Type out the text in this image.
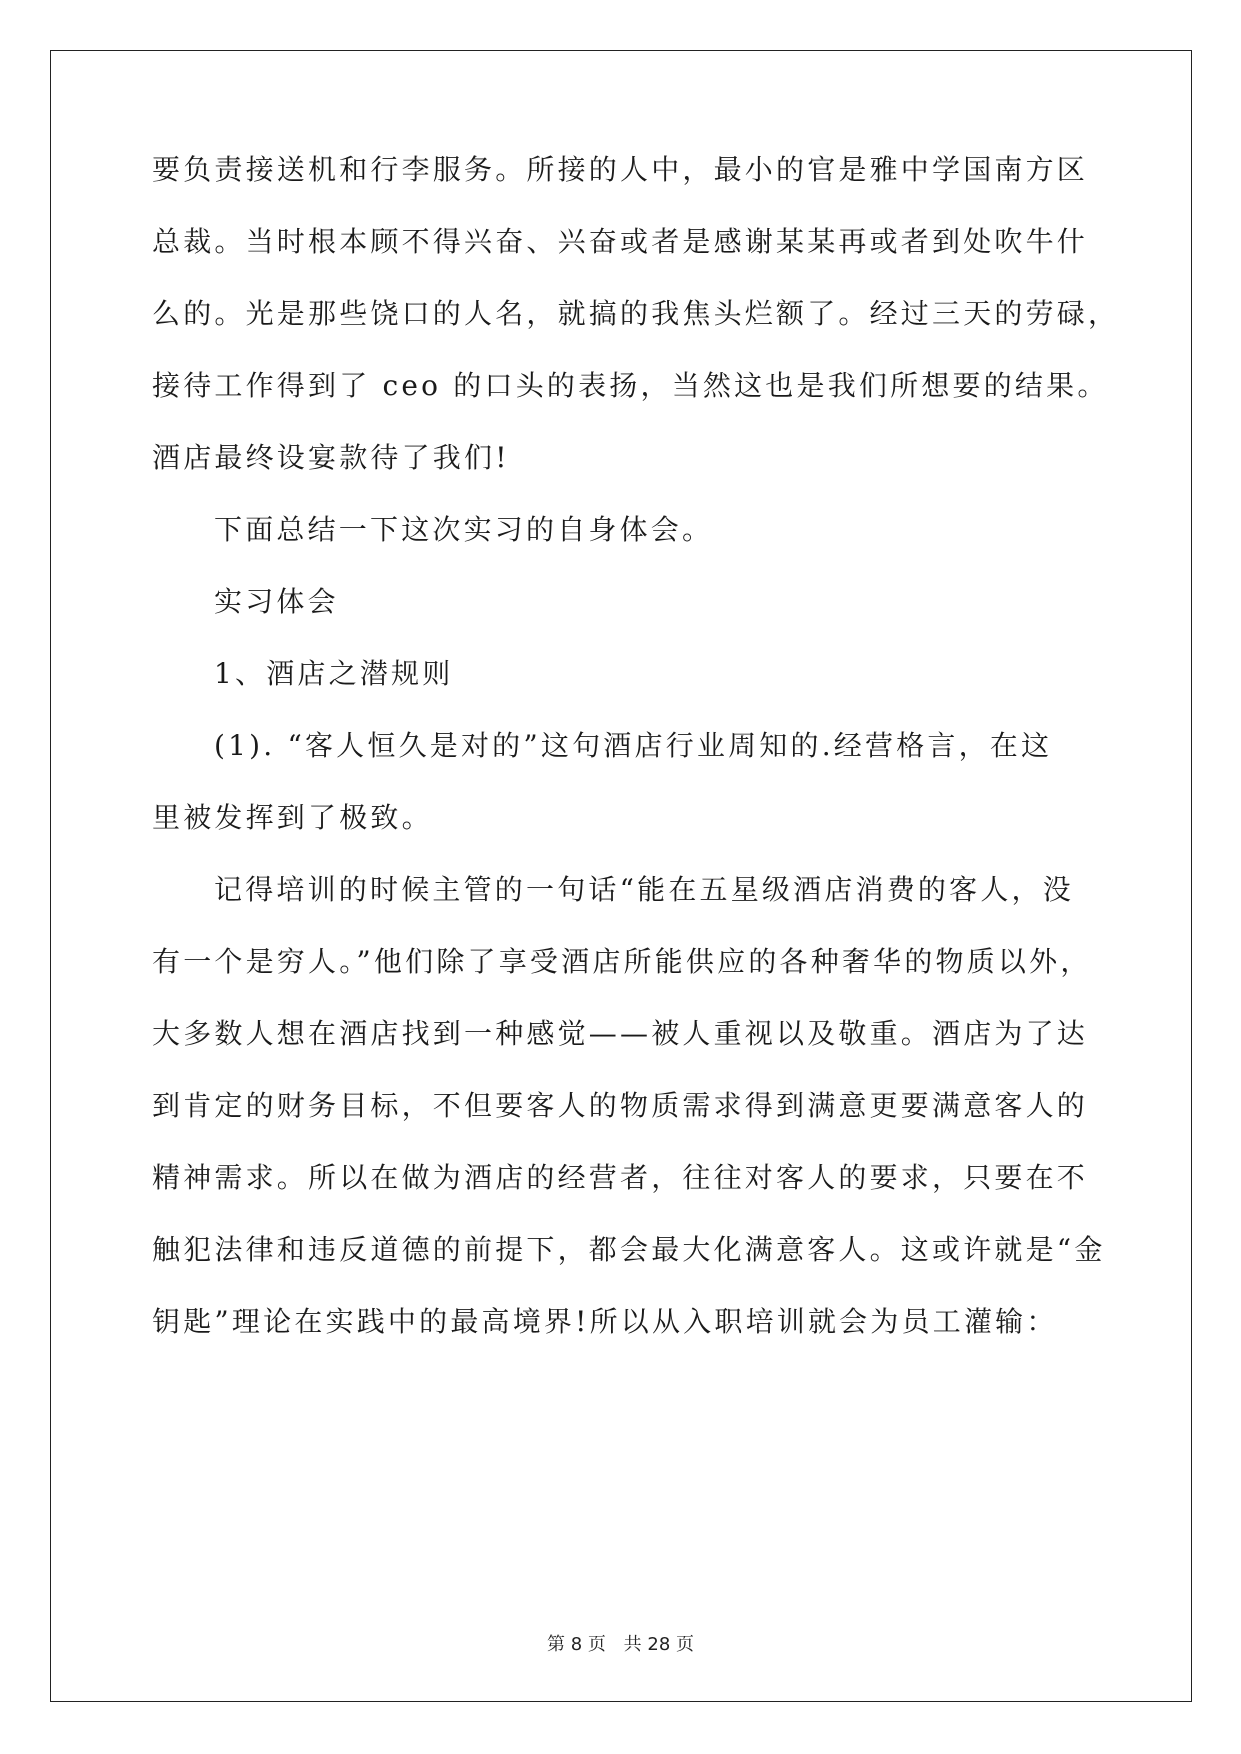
要负责接送机和行李服务。所接的人中，最小的官是雅中学国南方区
总裁。当时根本顾不得兴奋、兴奋或者是感谢某某再或者到处吹牛什
么的。光是那些饶口的人名，就搞的我焦头烂额了。经过三天的劳碌，
接待工作得到了 ceo 的口头的表扬，当然这也是我们所想要的结果。
酒店最终设宴款待了我们!
下面总结一下这次实习的自身体会。
实习体会
1、酒店之潜规则
(1). “客人恒久是对的”这句酒店行业周知的.经营格言，在这
里被发挥到了极致。
记得培训的时候主管的一句话“能在五星级酒店消费的客人，没
有一个是穷人。”他们除了享受酒店所能供应的各种奢华的物质以外，
大多数人想在酒店找到一种感觉——被人重视以及敬重。酒店为了达
到肯定的财务目标，不但要客人的物质需求得到满意更要满意客人的
精神需求。所以在做为酒店的经营者，往往对客人的要求，只要在不
触犯法律和违反道德的前提下，都会最大化满意客人。这或许就是“金
钥匙”理论在实践中的最高境界!所以从入职培训就会为员工灌输：
第 8 页 共 28 页
